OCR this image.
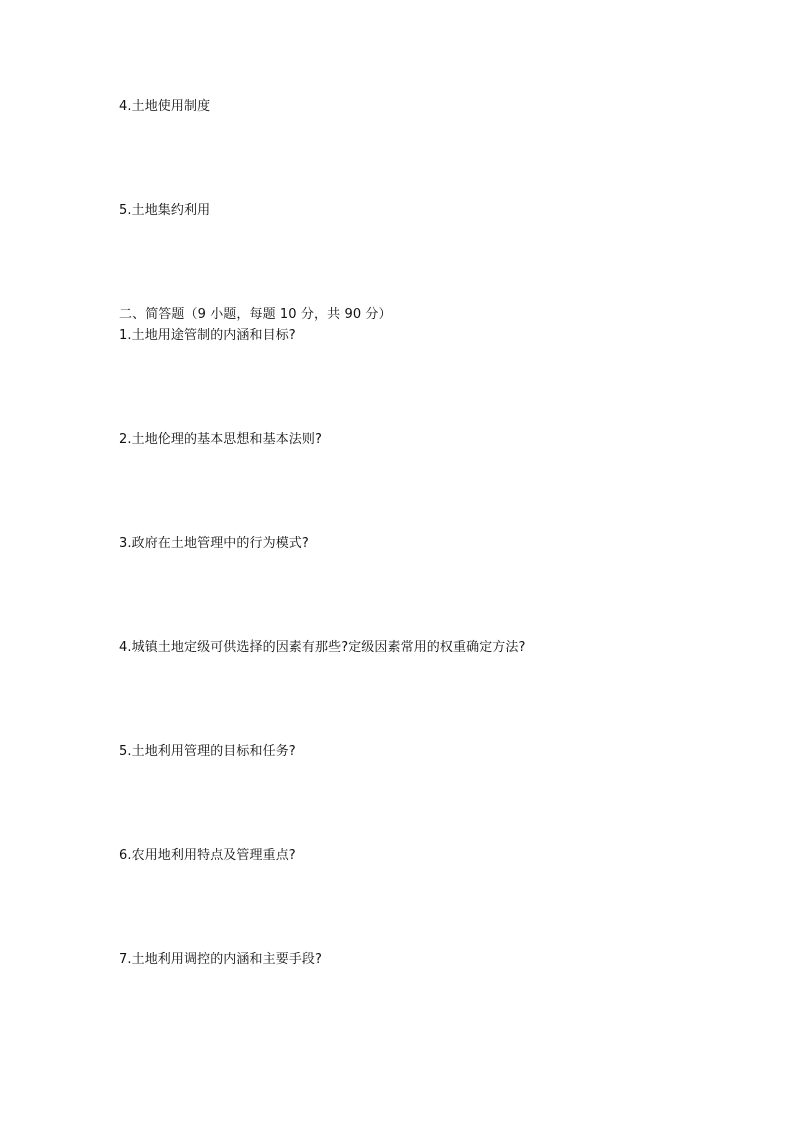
4.土地使用制度
5.土地集约利用
二、简答题（9 小题，每题 10 分，共 90 分）
1.土地用途管制的内涵和目标?
2.土地伦理的基本思想和基本法则?
3.政府在土地管理中的行为模式?
4.城镇土地定级可供选择的因素有那些?定级因素常用的权重确定方法?
5.土地利用管理的目标和任务?
6.农用地利用特点及管理重点?
7.土地利用调控的内涵和主要手段?
